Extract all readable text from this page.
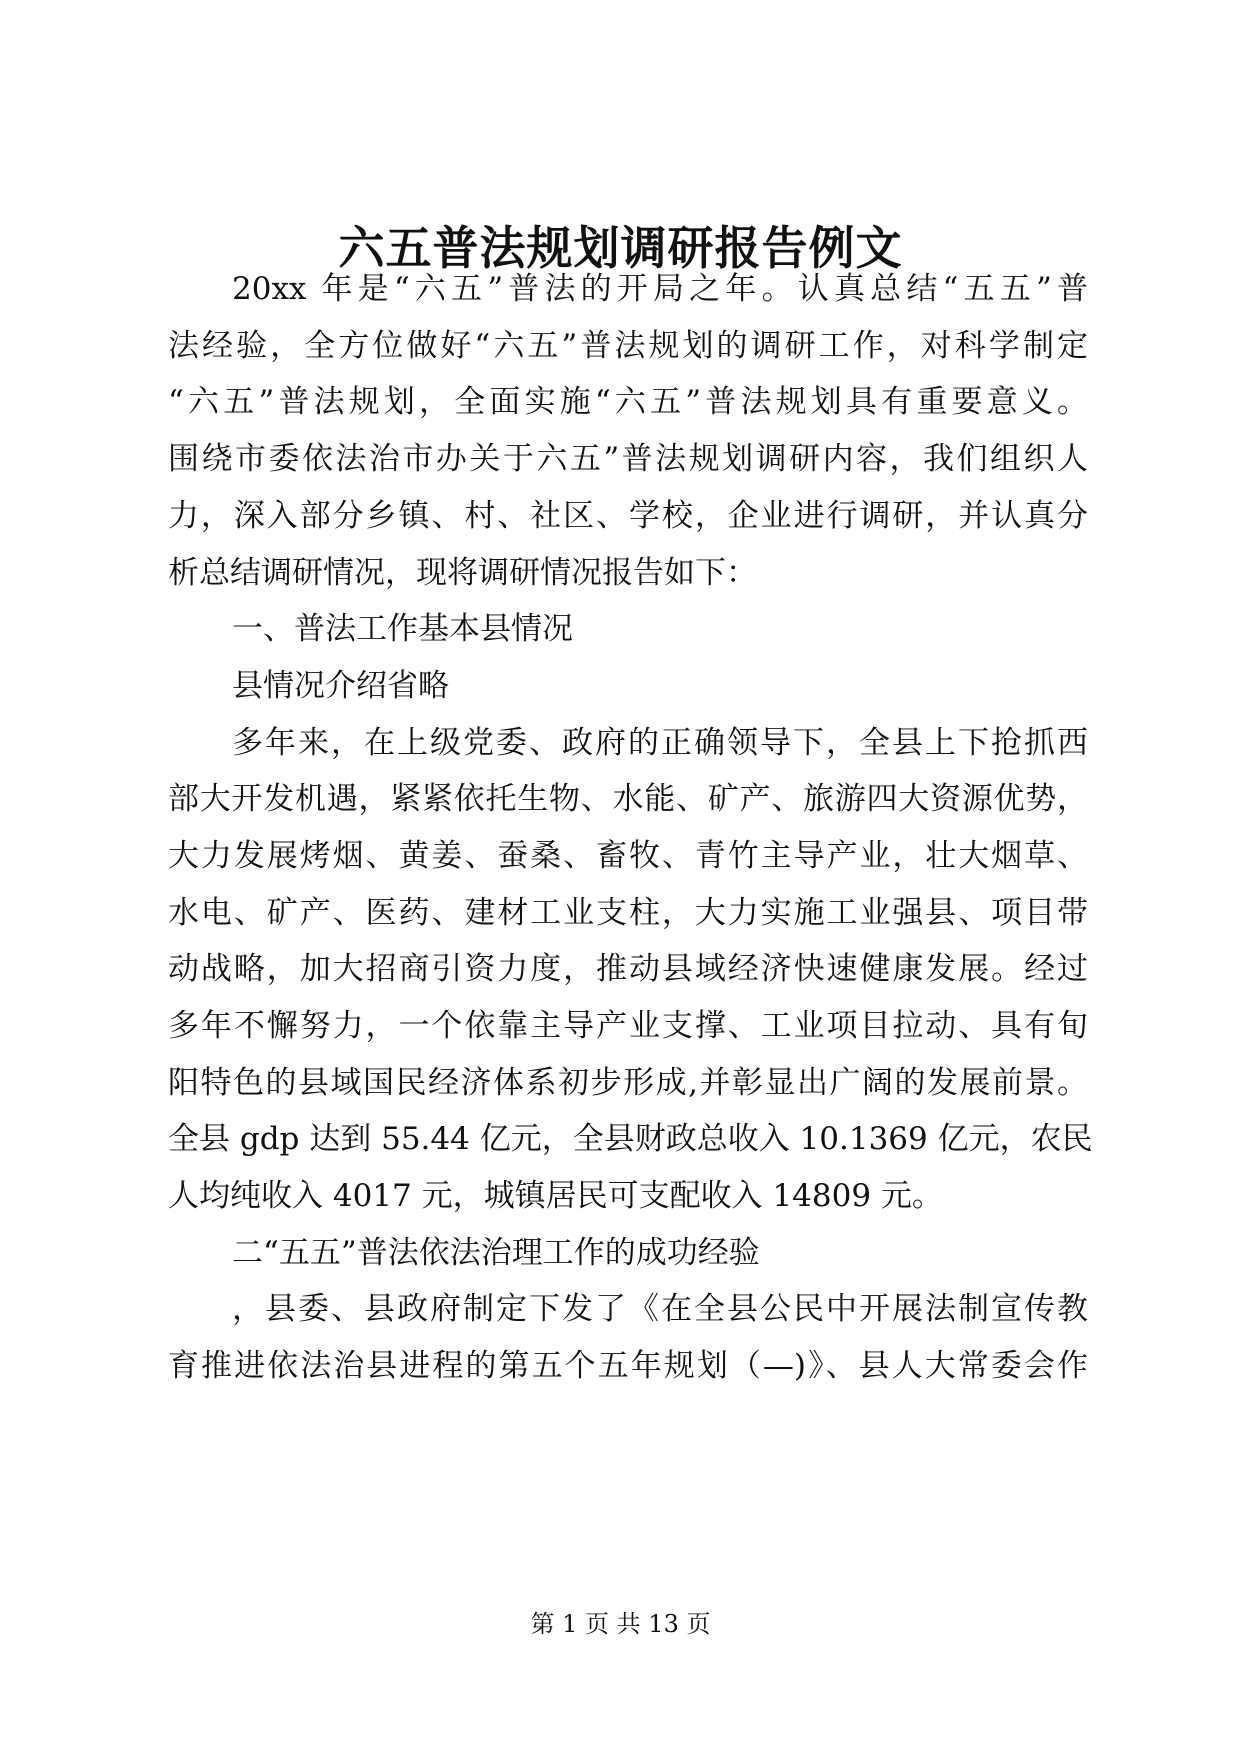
六五普法规划调研报告例文
20xx 年是“六五”普法的开局之年。认真总结“五五”普
法经验，全方位做好“六五”普法规划的调研工作，对科学制定
“六五”普法规划，全面实施“六五”普法规划具有重要意义。
围绕市委依法治市办关于六五”普法规划调研内容，我们组织人
力，深入部分乡镇、村、社区、学校，企业进行调研，并认真分
析总结调研情况，现将调研情况报告如下：
一、普法工作基本县情况
县情况介绍省略
多年来，在上级党委、政府的正确领导下，全县上下抢抓西
部大开发机遇，紧紧依托生物、水能、矿产、旅游四大资源优势，
大力发展烤烟、黄姜、蚕桑、畜牧、青竹主导产业，壮大烟草、
水电、矿产、医药、建材工业支柱，大力实施工业强县、项目带
动战略，加大招商引资力度，推动县域经济快速健康发展。经过
多年不懈努力，一个依靠主导产业支撑、工业项目拉动、具有旬
阳特色的县域国民经济体系初步形成,并彰显出广阔的发展前景。
全县 gdp 达到 55.44 亿元，全县财政总收入 10.1369 亿元，农民
人均纯收入 4017 元，城镇居民可支配收入 14809 元。
二“五五”普法依法治理工作的成功经验
，县委、县政府制定下发了《在全县公民中开展法制宣传教
育推进依法治县进程的第五个五年规划（—)》、县人大常委会作
第 1 页 共 13 页
